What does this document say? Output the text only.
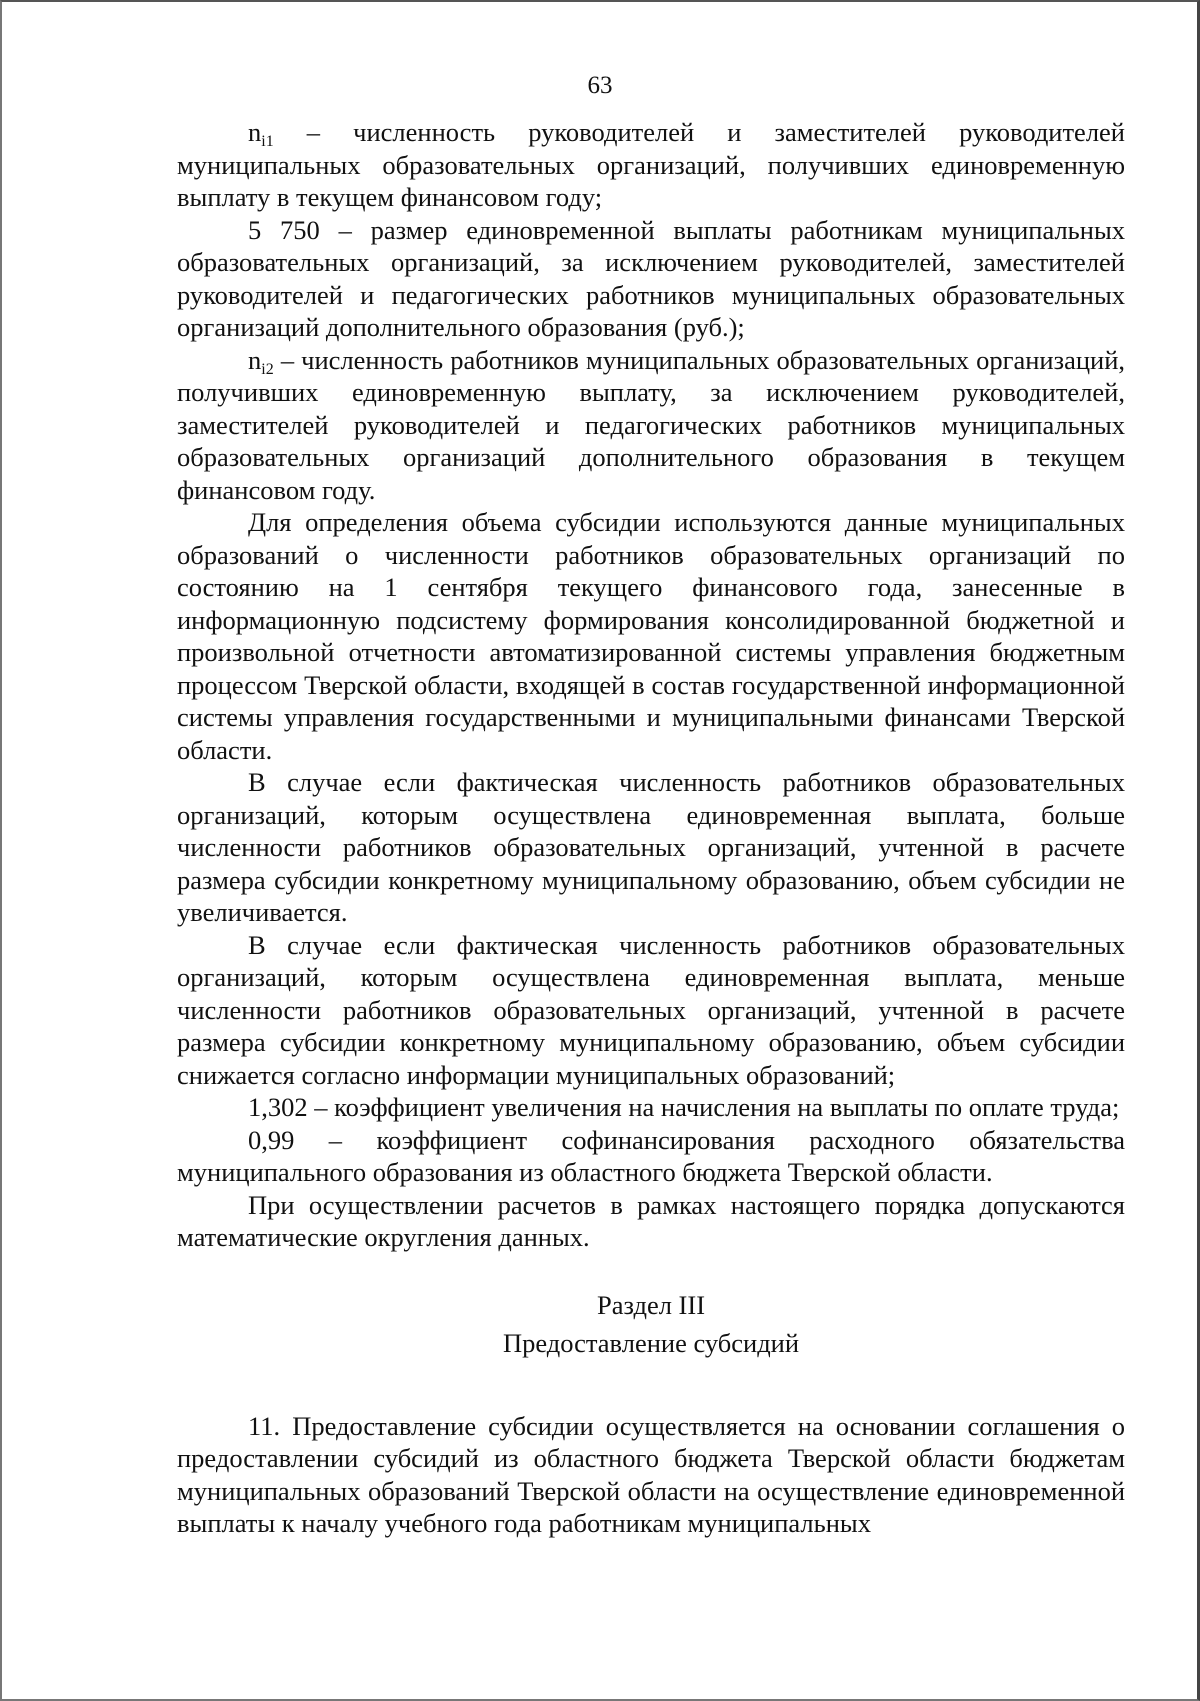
63

$n_{i1}$ – численность руководителей и заместителей руководителей муниципальных образовательных организаций, получивших единовременную выплату в текущем финансовом году;

5 750 – размер единовременной выплаты работникам муниципальных образовательных организаций, за исключением руководителей, заместителей руководителей и педагогических работников муниципальных образовательных организаций дополнительного образования (руб.);

$n_{i2}$ – численность работников муниципальных образовательных организаций, получивших единовременную выплату, за исключением руководителей, заместителей руководителей и педагогических работников муниципальных образовательных организаций дополнительного образования в текущем финансовом году.

Для определения объема субсидии используются данные муниципальных образований о численности работников образовательных организаций по состоянию на 1 сентября текущего финансового года, занесенные в информационную подсистему формирования консолидированной бюджетной и произвольной отчетности автоматизированной системы управления бюджетным процессом Тверской области, входящей в состав государственной информационной системы управления государственными и муниципальными финансами Тверской области.

В случае если фактическая численность работников образовательных организаций, которым осуществлена единовременная выплата, больше численности работников образовательных организаций, учтенной в расчете размера субсидии конкретному муниципальному образованию, объем субсидии не увеличивается.

В случае если фактическая численность работников образовательных организаций, которым осуществлена единовременная выплата, меньше численности работников образовательных организаций, учтенной в расчете размера субсидии конкретному муниципальному образованию, объем субсидии снижается согласно информации муниципальных образований;

1,302 – коэффициент увеличения на начисления на выплаты по оплате труда;

0,99 – коэффициент софинансирования расходного обязательства муниципального образования из областного бюджета Тверской области.

При осуществлении расчетов в рамках настоящего порядка допускаются математические округления данных.

Раздел III
Предоставление субсидий

11. Предоставление субсидии осуществляется на основании соглашения о предоставлении субсидий из областного бюджета Тверской области бюджетам муниципальных образований Тверской области на осуществление единовременной выплаты к началу учебного года работникам муниципальных
